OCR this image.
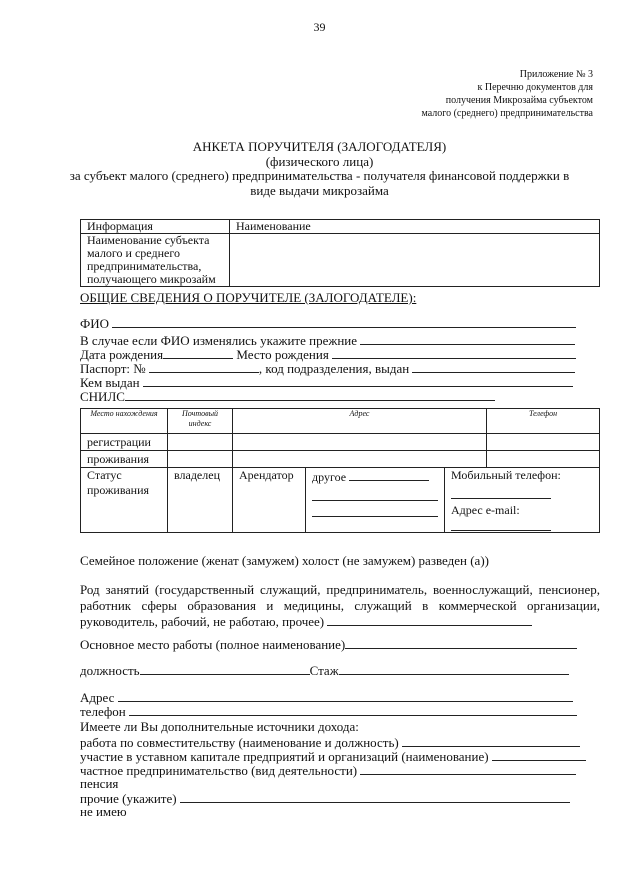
39
Приложение № 3
к Перечню документов для
получения Микрозайма субъектом
малого (среднего) предпринимательства
АНКЕТА ПОРУЧИТЕЛЯ (ЗАЛОГОДАТЕЛЯ)
(физического лица)
за субъект малого (среднего) предпринимательства - получателя финансовой поддержки в
виде выдачи микрозайма
Информация	Наименование
Наименование субъекта малого и среднего предпринимательства, получающего микрозайм	
ОБЩИЕ СВЕДЕНИЯ О ПОРУЧИТЕЛЕ (ЗАЛОГОДАТЕЛЕ):
ФИО
В случае если ФИО изменялись укажите прежние
Дата рождения	Место рождения
Паспорт: №	, код подразделения, выдан
Кем выдан
СНИЛС
Место нахождения	Почтовый индекс	Адрес			Телефон
регистрации					
проживания					
Статус проживания	владелец	Арендатор	другое	Мобильный телефон:
Адрес e-mail:	
Семейное положение (женат (замужем) холост (не замужем) разведен (а))
Род занятий (государственный служащий, предприниматель, военнослужащий, пенсионер, работник сферы образования и медицины, служащий в коммерческой организации, руководитель, рабочий, не работаю, прочее)
Основное место работы (полное наименование)
должность	Стаж
Адрес
телефон
Имеете ли Вы дополнительные источники дохода:
работа по совместительству (наименование и должность)
участие в уставном капитале предприятий и организаций (наименование)
частное предпринимательство (вид деятельности)
пенсия
прочие (укажите)
не имею
